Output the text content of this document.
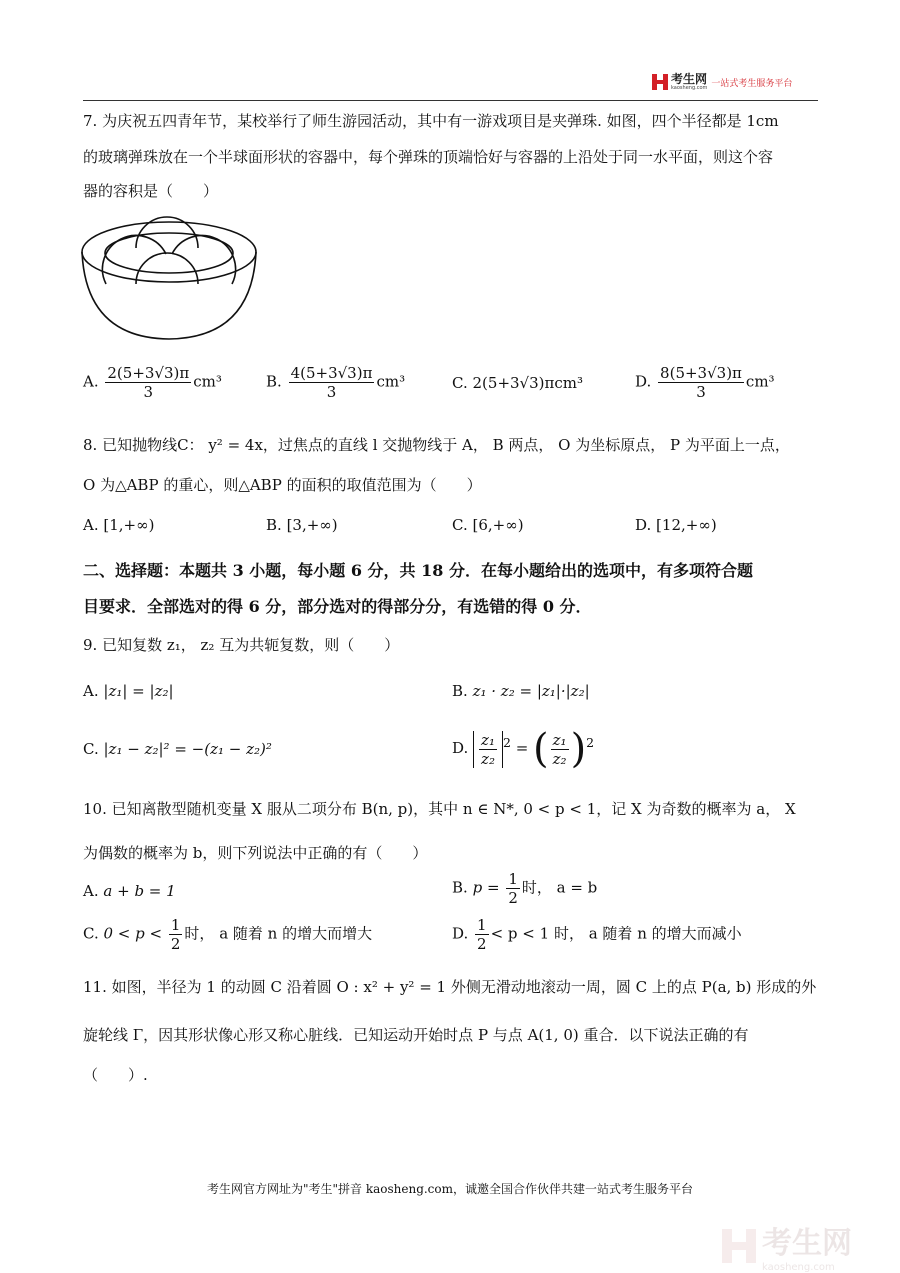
考生网
kaosheng.com 一站式考生服务平台
7. 为庆祝五四青年节，某校举行了师生游园活动，其中有一游戏项目是夹弹珠. 如图，四个半径都是 1cm
的玻璃弹珠放在一个半球面形状的容器中，每个弹珠的顶端恰好与容器的上沿处于同一水平面，则这个容
器的容积是（　　）
A. $\frac{2(5+3√3)\pi}{3} cm^3$	B. $\frac{4(5+3√3)\pi}{3} cm^3$	C. 2(5+3√3)πcm³	D. $\frac{8(5+3√3)\pi}{3} cm^3$
8. 已知抛物线C： y² = 4x，过焦点的直线 l 交抛物线于 A， B 两点， O 为坐标原点， P 为平面上一点，
O 为△ABP 的重心，则△ABP 的面积的取值范围为（　　）
A. [1,+∞)	B. [3,+∞)	C. [6,+∞)	D. [12,+∞)
二、选择题：本题共 3 小题，每小题 6 分，共 18 分．在每小题给出的选项中，有多项符合题
目要求．全部选对的得 6 分，部分选对的得部分分，有选错的得 0 分．
9. 已知复数 z₁， z₂ 互为共轭复数，则（　　）
A. |z₁| = |z₂|	B. z₁ · z₂ = |z₁|·|z₂|
C. |z₁ − z₂|² = −(z₁ − z₂)²	D. $\frac{\text{z₁}}{\text{z₂}} ^2$ = ( $\frac{\text{z₁}}{\text{z₂}} )^2$
10. 已知离散型随机变量 X 服从二项分布 B(n, p)，其中 n ∈ N*, 0 < p < 1，记 X 为奇数的概率为 a， X
为偶数的概率为 b，则下列说法中正确的有（　　）
A. a + b = 1	B. $p = \frac{1}{2}$ 时， a = b
C. $0 < p < \frac{1}{2}$ 时， a 随着 n 的增大而增大	D. $\frac{1}{2} < p < 1$ 时， a 随着 n 的增大而减小
11. 如图，半径为 1 的动圆 C 沿着圆 O : x² + y² = 1 外侧无滑动地滚动一周，圆 C 上的点 P(a, b) 形成的外
旋轮线 Γ，因其形状像心形又称心脏线．已知运动开始时点 P 与点 A(1, 0) 重合．以下说法正确的有
（　　）.
考生网官方网址为"考生"拼音 kaosheng.com，诚邀全国合作伙伴共建一站式考生服务平台
考生网
kaosheng.com
